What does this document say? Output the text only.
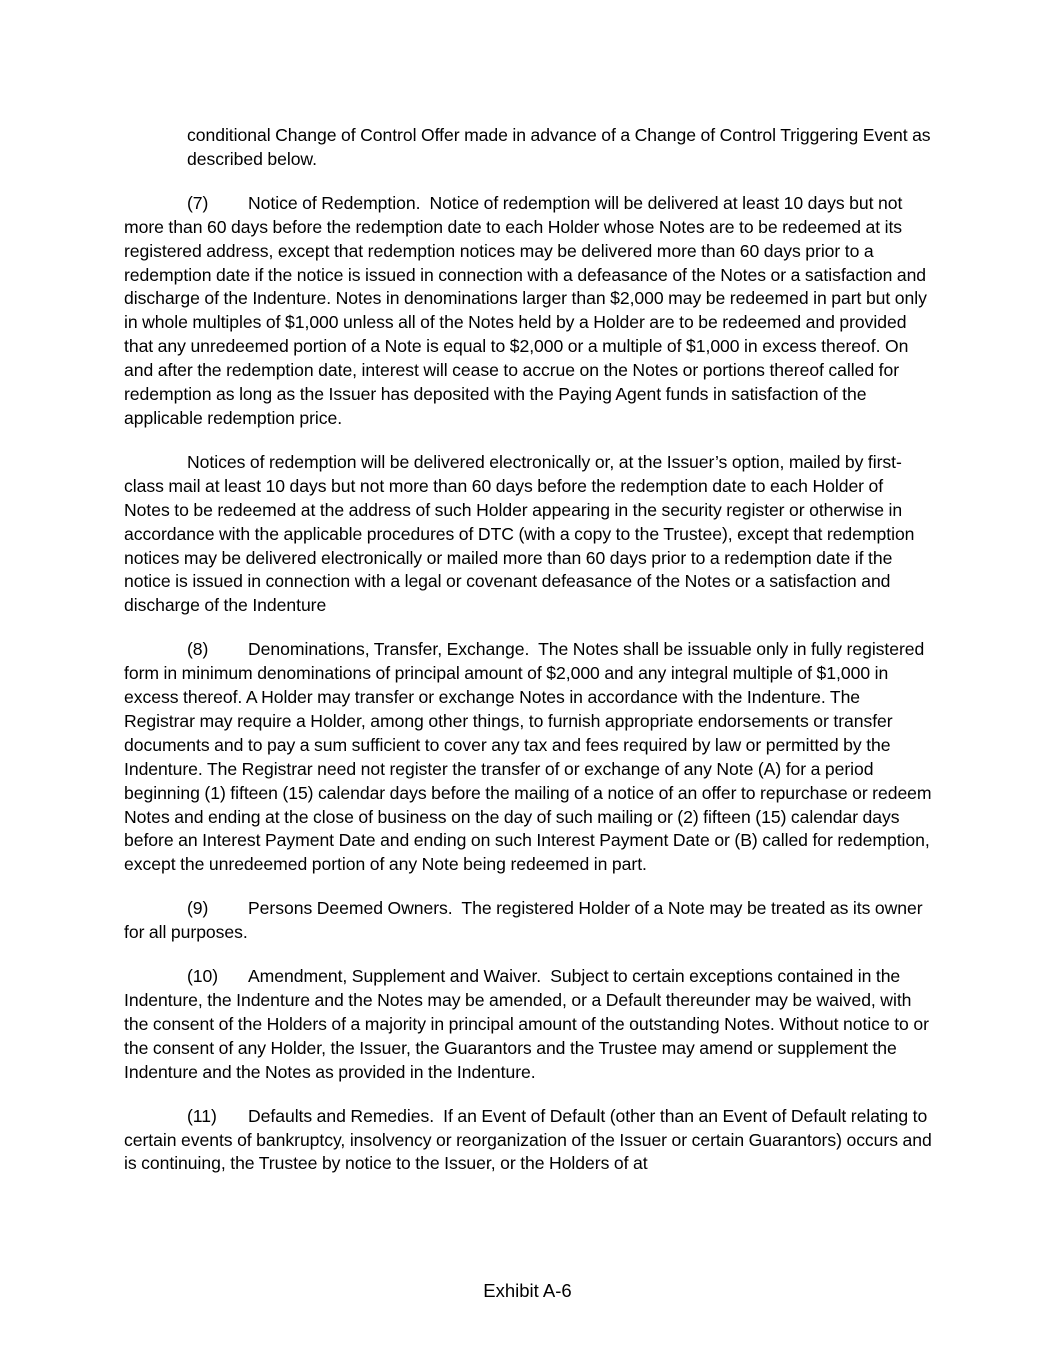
conditional Change of Control Offer made in advance of a Change of Control Triggering Event as described below.

(7) Notice of Redemption. Notice of redemption will be delivered at least 10 days but not more than 60 days before the redemption date to each Holder whose Notes are to be redeemed at its registered address, except that redemption notices may be delivered more than 60 days prior to a redemption date if the notice is issued in connection with a defeasance of the Notes or a satisfaction and discharge of the Indenture. Notes in denominations larger than $2,000 may be redeemed in part but only in whole multiples of $1,000 unless all of the Notes held by a Holder are to be redeemed and provided that any unredeemed portion of a Note is equal to $2,000 or a multiple of $1,000 in excess thereof. On and after the redemption date, interest will cease to accrue on the Notes or portions thereof called for redemption as long as the Issuer has deposited with the Paying Agent funds in satisfaction of the applicable redemption price.

Notices of redemption will be delivered electronically or, at the Issuer’s option, mailed by first-class mail at least 10 days but not more than 60 days before the redemption date to each Holder of Notes to be redeemed at the address of such Holder appearing in the security register or otherwise in accordance with the applicable procedures of DTC (with a copy to the Trustee), except that redemption notices may be delivered electronically or mailed more than 60 days prior to a redemption date if the notice is issued in connection with a legal or covenant defeasance of the Notes or a satisfaction and discharge of the Indenture

(8) Denominations, Transfer, Exchange. The Notes shall be issuable only in fully registered form in minimum denominations of principal amount of $2,000 and any integral multiple of $1,000 in excess thereof. A Holder may transfer or exchange Notes in accordance with the Indenture. The Registrar may require a Holder, among other things, to furnish appropriate endorsements or transfer documents and to pay a sum sufficient to cover any tax and fees required by law or permitted by the Indenture. The Registrar need not register the transfer of or exchange of any Note (A) for a period beginning (1) fifteen (15) calendar days before the mailing of a notice of an offer to repurchase or redeem Notes and ending at the close of business on the day of such mailing or (2) fifteen (15) calendar days before an Interest Payment Date and ending on such Interest Payment Date or (B) called for redemption, except the unredeemed portion of any Note being redeemed in part.

(9) Persons Deemed Owners. The registered Holder of a Note may be treated as its owner for all purposes.

(10) Amendment, Supplement and Waiver. Subject to certain exceptions contained in the Indenture, the Indenture and the Notes may be amended, or a Default thereunder may be waived, with the consent of the Holders of a majority in principal amount of the outstanding Notes. Without notice to or the consent of any Holder, the Issuer, the Guarantors and the Trustee may amend or supplement the Indenture and the Notes as provided in the Indenture.

(11) Defaults and Remedies. If an Event of Default (other than an Event of Default relating to certain events of bankruptcy, insolvency or reorganization of the Issuer or certain Guarantors) occurs and is continuing, the Trustee by notice to the Issuer, or the Holders of at

Exhibit A-6
